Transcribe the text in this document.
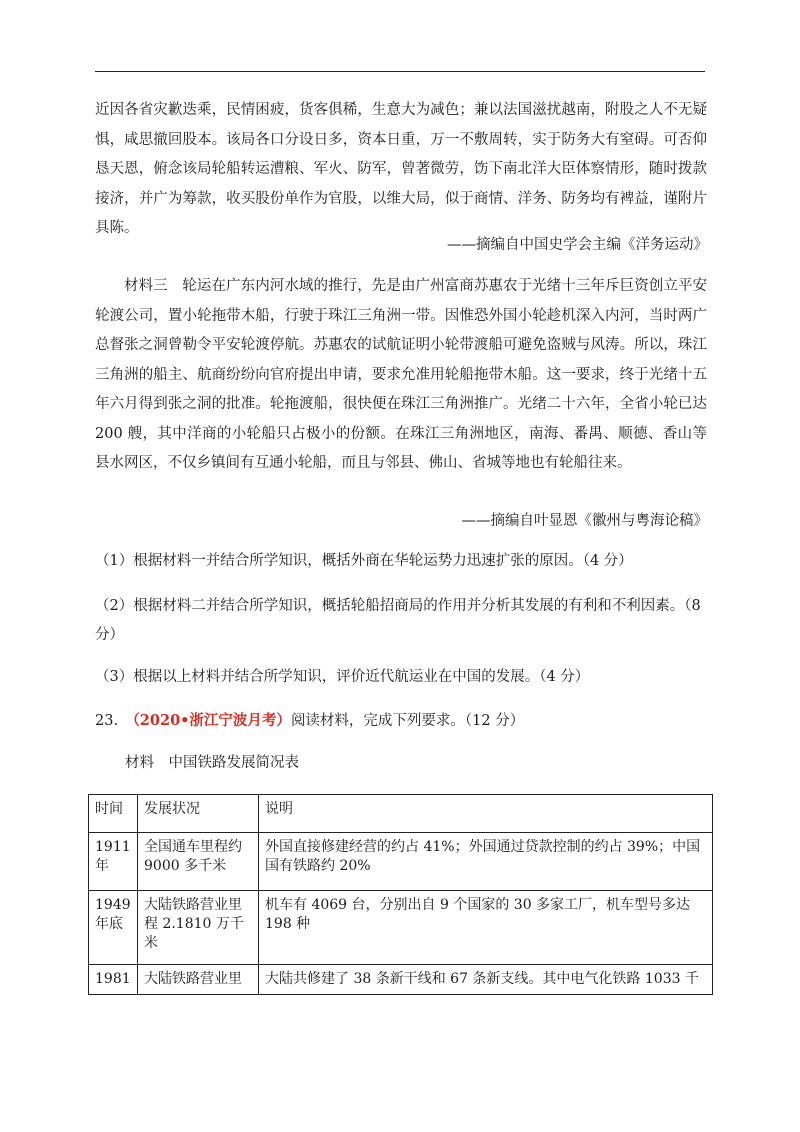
近因各省灾歉迭乘，民情困疲，货客俱稀，生意大为减色；兼以法国滋扰越南，附股之人不无疑惧，咸思撤回股本。该局各口分设日多，资本日重，万一不敷周转，实于防务大有窒碍。可否仰恳天恩，俯念该局轮船转运漕粮、军火、防军，曾著微劳，饬下南北洋大臣体察情形，随时拨款接济，并广为筹款，收买股份单作为官股，以维大局，似于商情、洋务、防务均有裨益，谨附片具陈。

——摘编自中国史学会主编《洋务运动》

材料三　轮运在广东内河水域的推行，先是由广州富商苏惠农于光绪十三年斥巨资创立平安轮渡公司，置小轮拖带木船，行驶于珠江三角洲一带。因惟恐外国小轮趁机深入内河，当时两广总督张之洞曾勒令平安轮渡停航。苏惠农的试航证明小轮带渡船可避免盗贼与风涛。所以，珠江三角洲的船主、航商纷纷向官府提出申请，要求允准用轮船拖带木船。这一要求，终于光绪十五年六月得到张之洞的批准。轮拖渡船，很快便在珠江三角洲推广。光绪二十六年，全省小轮已达 200 艘，其中洋商的小轮船只占极小的份额。在珠江三角洲地区，南海、番禺、顺德、香山等县水网区，不仅乡镇间有互通小轮船，而且与邻县、佛山、省城等地也有轮船往来。

——摘编自叶显恩《徽州与粤海论稿》

（1）根据材料一并结合所学知识，概括外商在华轮运势力迅速扩张的原因。（4 分）

（2）根据材料二并结合所学知识，概括轮船招商局的作用并分析其发展的有利和不利因素。（8 分）

（3）根据以上材料并结合所学知识，评价近代航运业在中国的发展。（4 分）

23.　（2020•浙江宁波月考）阅读材料，完成下列要求。（12 分）

材料　中国铁路发展简况表

时间	发展状况	说明
1911 年	全国通车里程约 9000 多千米	外国直接修建经营的约占 41%；外国通过贷款控制的约占 39%；中国国有铁路约 20%
1949 年底	大陆铁路营业里程 2.1810 万千米	机车有 4069 台，分别出自 9 个国家的 30 多家工厂，机车型号多达 198 种
1981	大陆铁路营业里	大陆共修建了 38 条新干线和 67 条新支线。其中电气化铁路 1033 千
